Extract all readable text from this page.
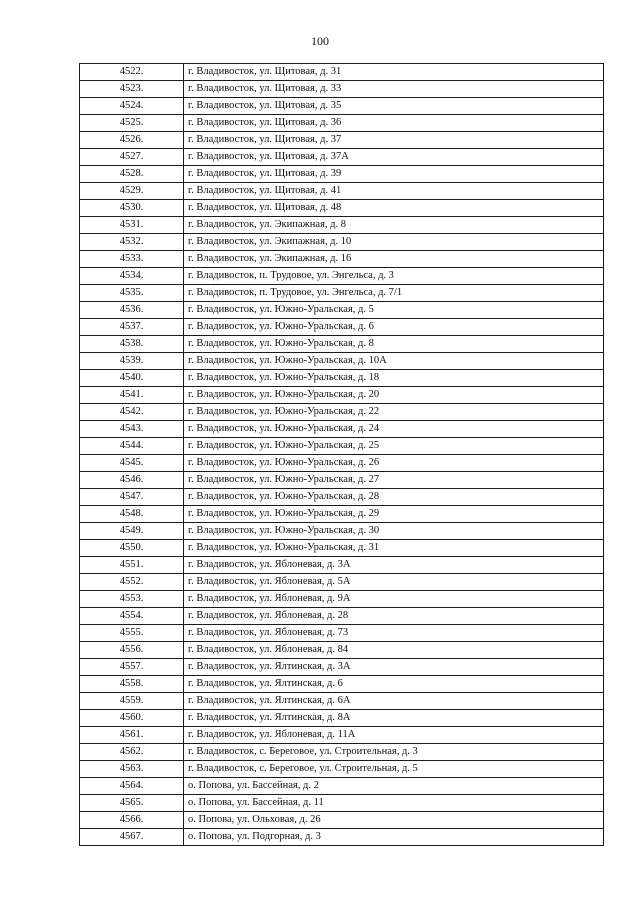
100
4522.	г. Владивосток, ул. Щитовая, д. 31
4523.	г. Владивосток, ул. Щитовая, д. 33
4524.	г. Владивосток, ул. Щитовая, д. 35
4525.	г. Владивосток, ул. Щитовая, д. 36
4526.	г. Владивосток, ул. Щитовая, д. 37
4527.	г. Владивосток, ул. Щитовая, д. 37А
4528.	г. Владивосток, ул. Щитовая, д. 39
4529.	г. Владивосток, ул. Щитовая, д. 41
4530.	г. Владивосток, ул. Щитовая, д. 48
4531.	г. Владивосток, ул. Экипажная, д. 8
4532.	г. Владивосток, ул. Экипажная, д. 10
4533.	г. Владивосток, ул. Экипажная, д. 16
4534.	г. Владивосток, п. Трудовое, ул. Энгельса, д. 3
4535.	г. Владивосток, п. Трудовое, ул. Энгельса, д. 7/1
4536.	г. Владивосток, ул. Южно-Уральская, д. 5
4537.	г. Владивосток, ул. Южно-Уральская, д. 6
4538.	г. Владивосток, ул. Южно-Уральская, д. 8
4539.	г. Владивосток, ул. Южно-Уральская, д. 10А
4540.	г. Владивосток, ул. Южно-Уральская, д. 18
4541.	г. Владивосток, ул. Южно-Уральская, д. 20
4542.	г. Владивосток, ул. Южно-Уральская, д. 22
4543.	г. Владивосток, ул. Южно-Уральская, д. 24
4544.	г. Владивосток, ул. Южно-Уральская, д. 25
4545.	г. Владивосток, ул. Южно-Уральская, д. 26
4546.	г. Владивосток, ул. Южно-Уральская, д. 27
4547.	г. Владивосток, ул. Южно-Уральская, д. 28
4548.	г. Владивосток, ул. Южно-Уральская, д. 29
4549.	г. Владивосток, ул. Южно-Уральская, д. 30
4550.	г. Владивосток, ул. Южно-Уральская, д. 31
4551.	г. Владивосток, ул. Яблоневая, д. 3А
4552.	г. Владивосток, ул. Яблоневая, д. 5А
4553.	г. Владивосток, ул. Яблоневая, д. 9А
4554.	г. Владивосток, ул. Яблоневая, д. 28
4555.	г. Владивосток, ул. Яблоневая, д. 73
4556.	г. Владивосток, ул. Яблоневая, д. 84
4557.	г. Владивосток, ул. Ялтинская, д. 3А
4558.	г. Владивосток, ул. Ялтинская, д. 6
4559.	г. Владивосток, ул. Ялтинская, д. 6А
4560.	г. Владивосток, ул. Ялтинская, д. 8А
4561.	г. Владивосток, ул. Яблоневая, д. 11А
4562.	г. Владивосток, с. Береговое, ул. Строительная, д. 3
4563.	г. Владивосток, с. Береговое, ул. Строительная, д. 5
4564.	о. Попова, ул. Бассейная, д. 2
4565.	о. Попова, ул. Бассейная, д. 11
4566.	о. Попова, ул. Ольховая, д. 26
4567.	о. Попова, ул. Подгорная, д. 3
